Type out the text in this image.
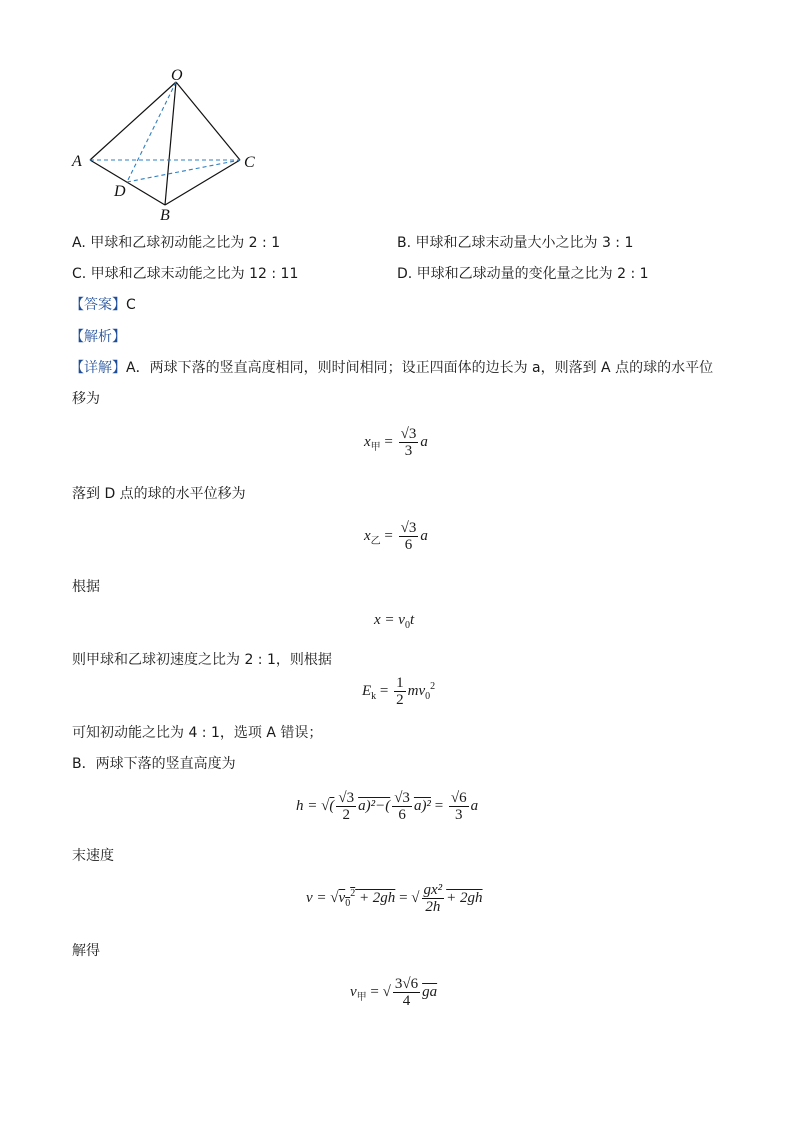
O
A	C
D
B
A. 甲球和乙球初动能之比为 2 : 1	B. 甲球和乙球末动量大小之比为 3 : 1
C. 甲球和乙球末动能之比为 12 : 11	D. 甲球和乙球动量的变化量之比为 2 : 1
【答案】C
【解析】
【详解】A．两球下落的竖直高度相同，则时间相同；设正四面体的边长为 a，则落到 A 点的球的水平位
移为
$x_甲 = \frac{√3}{3}$ a
落到 D 点的球的水平位移为
$x_乙 = \frac{√3}{6}$ a
根据
$x = v_0t$
则甲球和乙球初速度之比为 2 : 1，则根据
$E_k = \frac{1}{2} mv_0^2$
可知初动能之比为 4 : 1，选项 A 错误；
B．两球下落的竖直高度为
h = √( $\frac{√3}{2} a)^2-( \frac{√3}{6} a)^2 = \frac{√6}{3}$ a
末速度
$v = √v_0^2 + 2gh$ = √ $\frac{\text{gx²}}{2h} + 2gh$
解得
$v_甲$ = √ $\frac{3√6}{4}$ ga
